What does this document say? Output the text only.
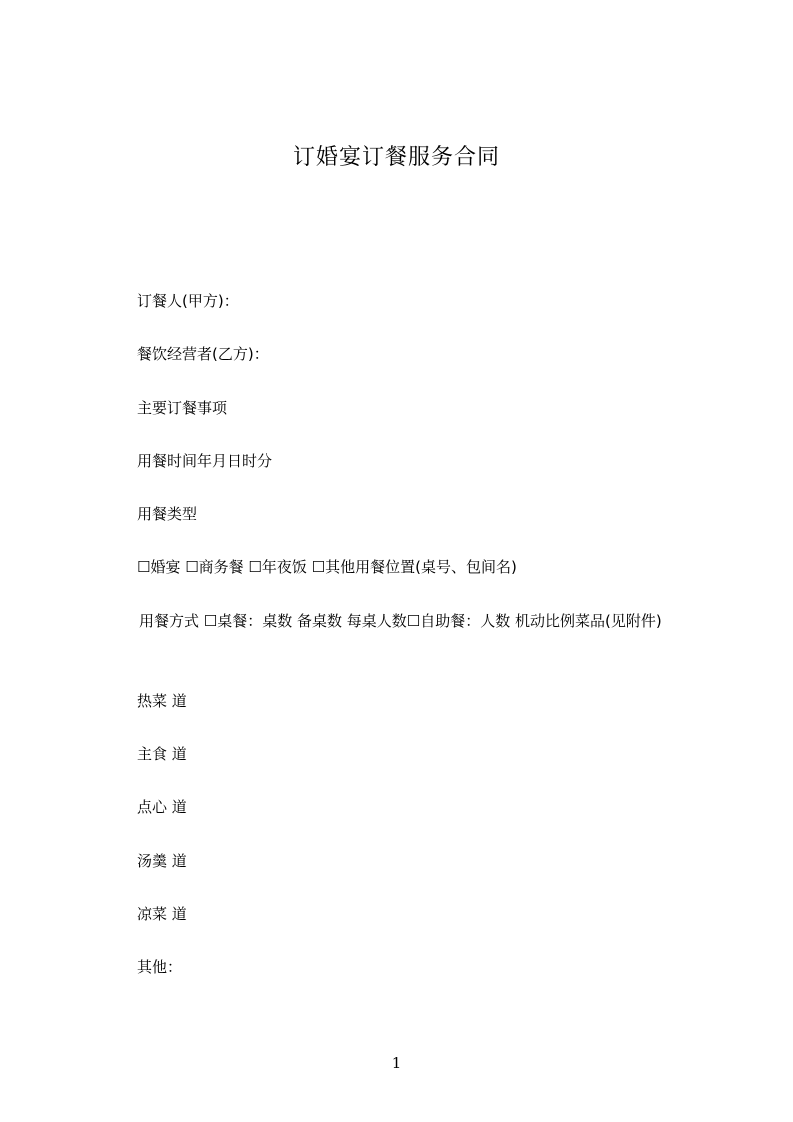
订婚宴订餐服务合同
订餐人(甲方)：
餐饮经营者(乙方)：
主要订餐事项
用餐时间年月日时分
用餐类型
☐婚宴 ☐商务餐 ☐年夜饭 ☐其他用餐位置(桌号、包间名)
用餐方式 ☐桌餐：桌数 备桌数 每桌人数☐自助餐：人数 机动比例菜品(见附件)
热菜 道
主食 道
点心 道
汤羹 道
凉菜 道
其他：
1
